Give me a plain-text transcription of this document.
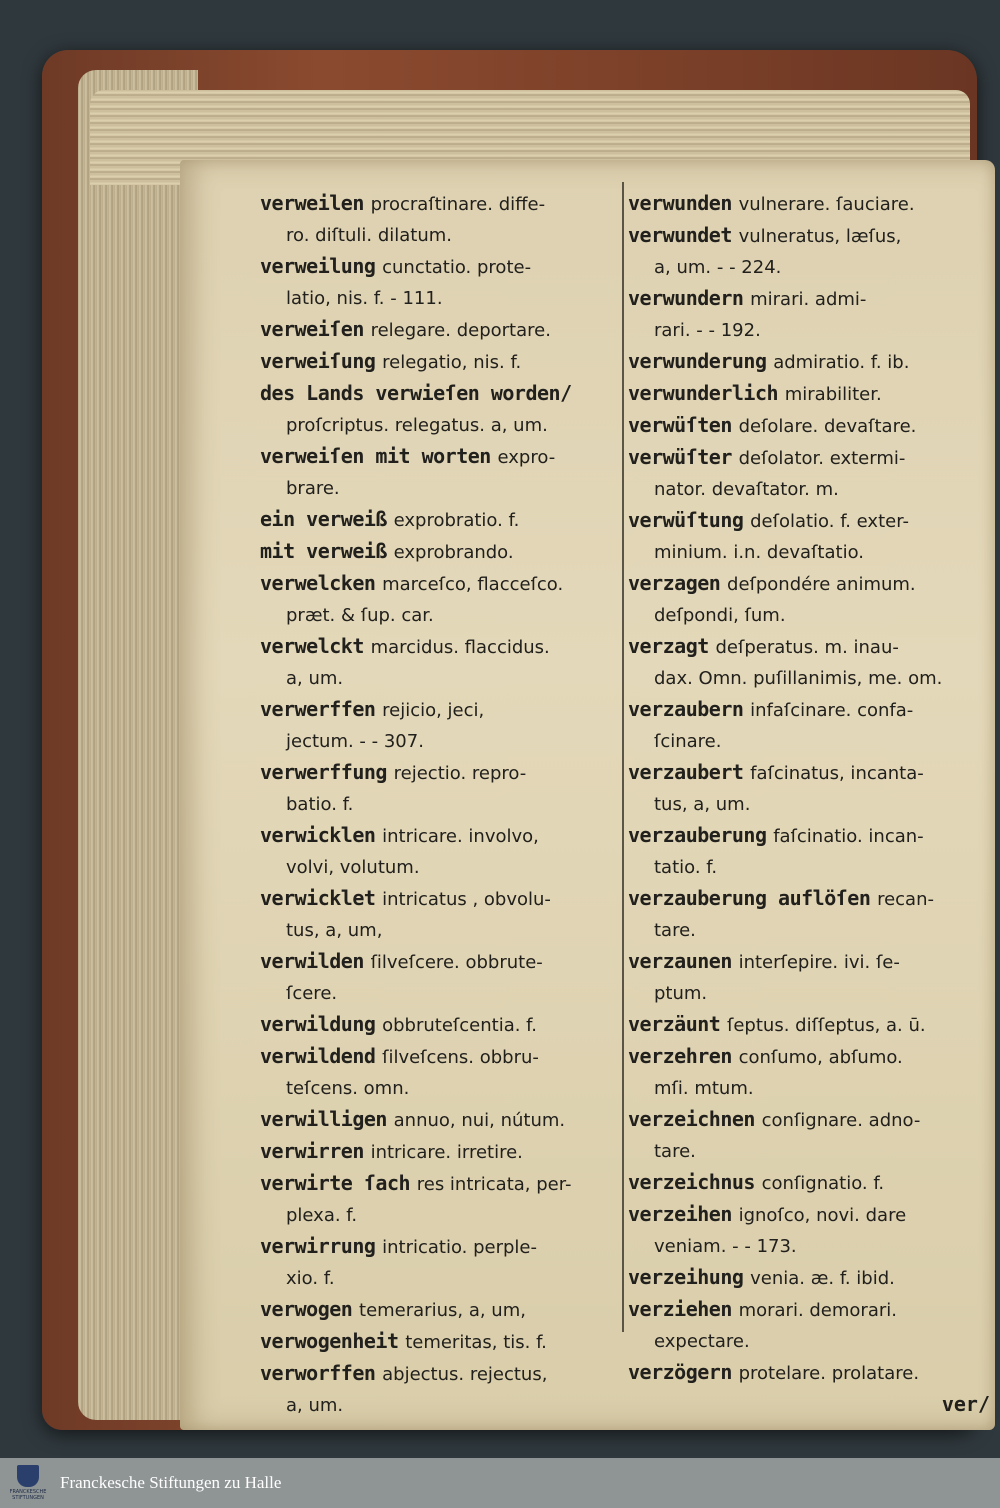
verweilen procraſtinare. diffe-

ro. diſtuli. dilatum.

verweilung cunctatio. prote-

latio, nis. f. - 111.

verweiſen relegare. deportare.

verweiſung relegatio, nis. f.

des Lands verwieſen worden/

proſcriptus. relegatus. a, um.

verweiſen mit worten expro-

brare.

ein verweiß exprobratio. f.

mit verweiß exprobrando.

verwelcken marceſco, flacceſco.

præt. & ſup. car.

verwelckt marcidus. flaccidus.

a, um.

verwerffen rejicio, jeci,

jectum. - - 307.

verwerffung rejectio. repro-

batio. f.

verwicklen intricare. involvo,

volvi, volutum.

verwicklet intricatus , obvolu-

tus, a, um,

verwilden ſilveſcere. obbrute-

ſcere.

verwildung obbruteſcentia. f.

verwildend ſilveſcens. obbru-

teſcens. omn.

verwilligen annuo, nui, nútum.

verwirren intricare. irretire.

verwirte ſach res intricata, per-

plexa. f.

verwirrung intricatio. perple-

xio. f.

verwogen temerarius, a, um,

verwogenheit temeritas, tis. f.

verworffen abjectus. rejectus,

a, um.

verwunden vulnerare. ſauciare.

verwundet vulneratus, læſus,

a, um. - - 224.

verwundern mirari. admi-

rari. - - 192.

verwunderung admiratio. f. ib.

verwunderlich mirabiliter.

verwüſten deſolare. devaſtare.

verwüſter deſolator. extermi-

nator. devaſtator. m.

verwüſtung deſolatio. f. exter-

minium. i.n. devaſtatio.

verzagen deſpondére animum.

deſpondi, ſum.

verzagt deſperatus. m. inau-

dax. Omn. puſillanimis, me. om.

verzaubern infaſcinare. confa-

ſcinare.

verzaubert faſcinatus, incanta-

tus, a, um.

verzauberung faſcinatio. incan-

tatio. f.

verzauberung auflöſen recan-

tare.

verzaunen interſepire. ivi. ſe-

ptum.

verzäunt ſeptus. diſſeptus, a. ū.

verzehren conſumo, abſumo.

mſi. mtum.

verzeichnen conſignare. adno-

tare.

verzeichnus conſignatio. f.

verzeihen ignoſco, novi. dare

veniam. - - 173.

verzeihung venia. æ. f. ibid.

verziehen morari. demorari.

expectare.

verzögern protelare. prolatare.

ver/

FRANCKESCHE STIFTUNGEN
Franckesche Stiftungen zu Halle
